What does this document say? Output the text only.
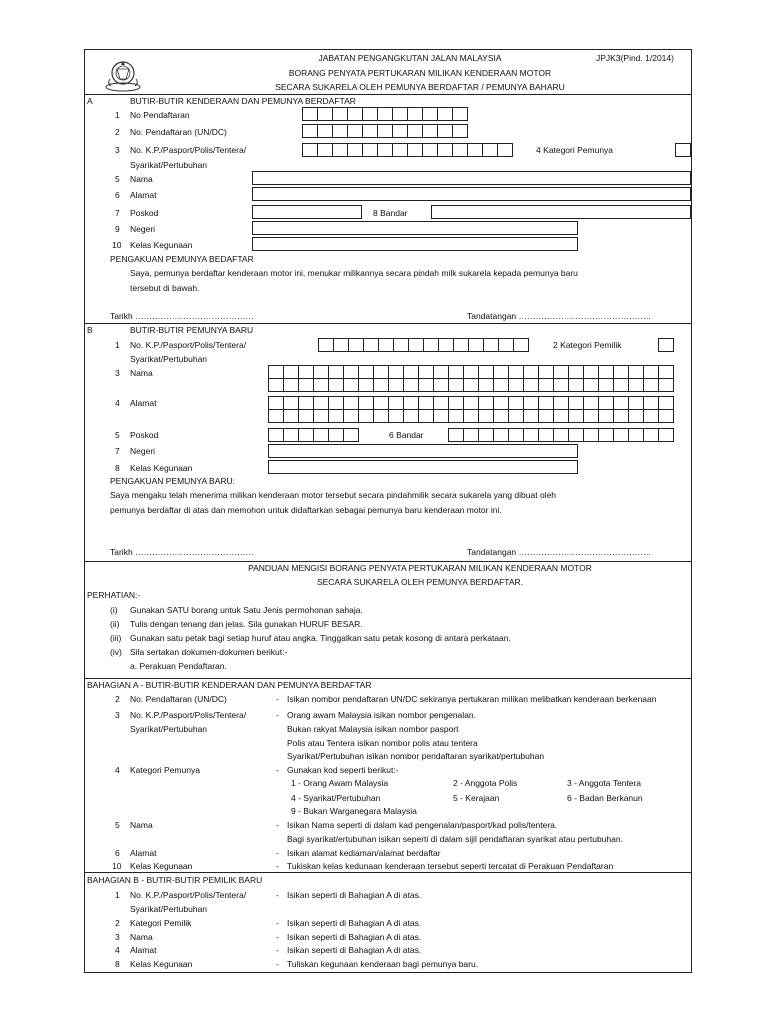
JABATAN PENGANGKUTAN JALAN MALAYSIA	JPJK3(Pind. 1/2014)
BORANG PENYATA PERTUKARAN MILIKAN KENDERAAN MOTOR
SECARA SUKARELA OLEH PEMUNYA BERDAFTAR / PEMUNYA BAHARU
A	BUTIR-BUTIR KENDERAAN DAN PEMUNYA BERDAFTAR
1 No Pendaftaran
2 No. Pendaftaran (UN/DC)
3 No. K.P./Pasport/Polis/Tentera/
Syarikat/Pertubuhan
4 Kategori Pemunya
5 Nama
6 Alamat
7 Poskod	8 Bandar
9 Negeri
10 Kelas Kegunaan
PENGAKUAN PEMUNYA BEDAFTAR
Saya, pemunya berdaftar kenderaan motor ini, menukar milikannya secara pindah milk sukarela kepada pemunya baru
tersebut di bawah.
Tarikh ……………………………………	Tandatangan ………………………………………..
B	BUTIR-BUTIR PEMUNYA BARU
1 No. K.P./Pasport/Polis/Tentera/
Syarikat/Pertubuhan
2 Kategori Pemilik
3 Nama
4 Alamat
5 Poskod	6 Bandar
7 Negeri
8 Kelas Kegunaan
PENGAKUAN PEMUNYA BARU:
Saya mengaku telah menerima milikan kenderaan motor tersebut secara pindahmilik secara sukarela yang dibuat oleh
pemunya berdaftar di atas dan memohon untuk didaftarkan sebagai pemunya baru kenderaan motor ini.
Tarikh ……………………………………	Tandatangan ………………………………………..
PANDUAN MENGISI BORANG PENYATA PERTUKARAN MILIKAN KENDERAAN MOTOR
SECARA SUKARELA OLEH PEMUNYA BERDAFTAR.
PERHATIAN:-
(i) Gunakan SATU borang untuk Satu Jenis permohonan sahaja.
(ii) Tulis dengan tenang dan jelas. Sila gunakan HURUF BESAR.
(iii) Gunakan satu petak bagi setiap huruf atau angka. Tinggalkan satu petak kosong di antara perkataan.
(iv) Sila sertakan dokumen-dokumen berikut:-
a. Perakuan Pendaftaran.
BAHAGIAN A - BUTIR-BUTIR KENDERAAN DAN PEMUNYA BERDAFTAR
2 No. Pendaftaran (UN/DC)	- Isikan nombor pendaftaran UN/DC sekiranya pertukaran milikan melibatkan kenderaan berkenaan
3 No. K.P./Pasport/Polis/Tentera/	- Orang awam Malaysia isikan nombor pengenalan.
Syarikat/Pertubuhan	Bukan rakyat Malaysia isikan nombor pasport
Polis atau Tentera isikan nombor polis atau tentera
Syarikat/Pertubuhan isikan nombor pendaftaran syarikat/pertubuhan
4 Kategori Pemunya	- Gunakan kod seperti berikut:-
1 - Orang Awam Malaysia	2 - Anggota Polis	3 - Anggota Tentera
4 - Syarikat/Pertubuhan	5 - Kerajaan	6 - Badan Berkanun
9 - Bukan Warganegara Malaysia
5 Nama	- Isikan Nama seperti di dalam kad pengenalan/pasport/kad polis/tentera.
Bagi syarikat/ertubuhan isikan seperti di dalam sijil pendaftaran syarikat atau pertubuhan.
6 Alamat	- Isikan alamat kediaman/alamat berdaftar
10 Kelas Kegunaan	- Tukiskan kelas kedunaan kenderaan tersebut seperti tercatat di Perakuan Pendaftaran
BAHAGIAN B - BUTIR-BUTIR PEMILIK BARU
1 No. K.P./Pasport/Polis/Tentera/	- Isikan seperti di Bahagian A di atas.
Syarikat/Pertubuhan
2 Kategori Pemilik	- Isikan seperti di Bahagian A di atas.
3 Nama	- Isikan seperti di Bahagian A di atas.
4 Alamat	- Isikan seperti di Bahagian A di atas.
8 Kelas Kegunaan	- Tuliskan kegunaan kenderaan bagi pemunya baru.
